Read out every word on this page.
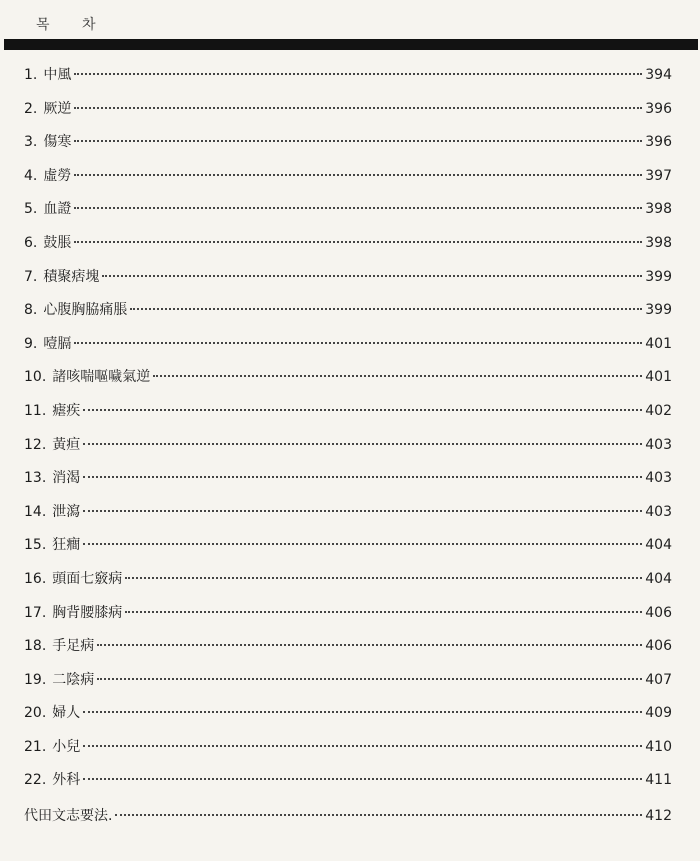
목 차
1. 中風	394
2. 厥逆	396
3. 傷寒	396
4. 虛勞	397
5. 血證	398
6. 鼓脹	398
7. 積聚痞塊	399
8. 心腹胸脇痛脹	399
9. 噎膈	401
10. 諸咳喘嘔噦氣逆	401
11. 瘧疾	402
12. 黃疸	403
13. 消渴	403
14. 泄瀉	403
15. 狂癎	404
16. 頭面七竅病	404
17. 胸背腰膝病	406
18. 手足病	406
19. 二陰病	407
20. 婦人	409
21. 小兒	410
22. 外科	411
代田文志要法.	412
